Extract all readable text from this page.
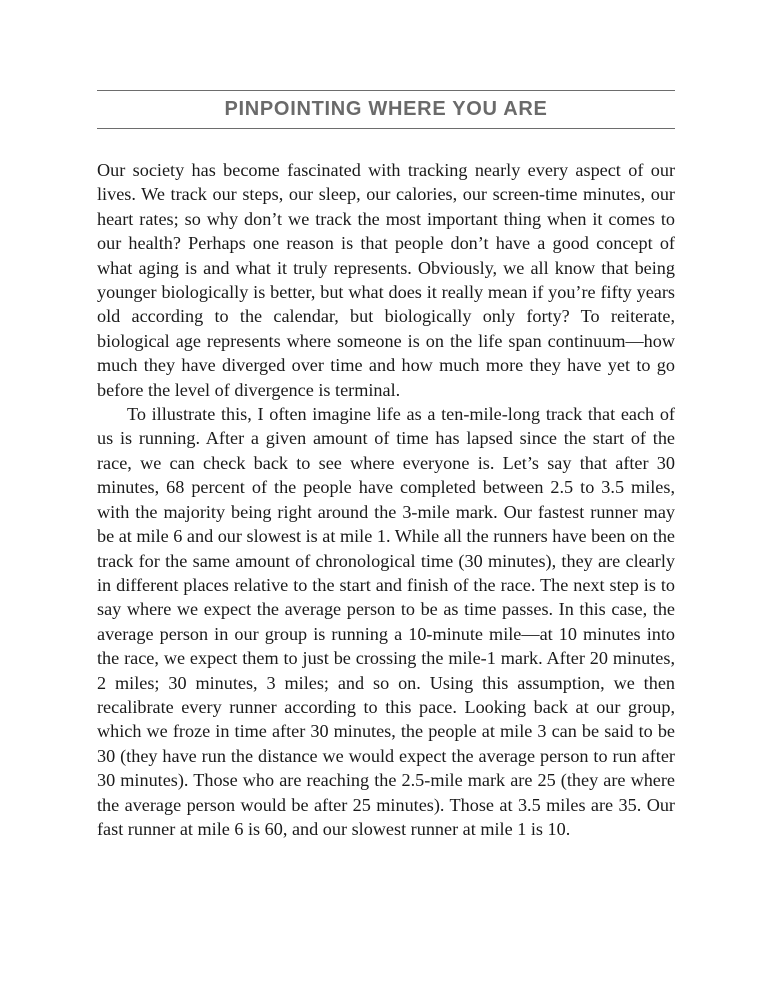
PINPOINTING WHERE YOU ARE

Our society has become fascinated with tracking nearly every aspect of our lives. We track our steps, our sleep, our calories, our screen-time minutes, our heart rates; so why don’t we track the most important thing when it comes to our health? Perhaps one reason is that people don’t have a good concept of what aging is and what it truly represents. Obviously, we all know that being younger biologically is better, but what does it really mean if you’re fifty years old according to the calendar, but biologically only forty? To reiterate, biological age represents where someone is on the life span continuum—how much they have diverged over time and how much more they have yet to go before the level of divergence is terminal.

To illustrate this, I often imagine life as a ten-mile-long track that each of us is running. After a given amount of time has lapsed since the start of the race, we can check back to see where everyone is. Let’s say that after 30 minutes, 68 percent of the people have completed between 2.5 to 3.5 miles, with the majority being right around the 3-mile mark. Our fastest runner may be at mile 6 and our slowest is at mile 1. While all the runners have been on the track for the same amount of chronological time (30 minutes), they are clearly in different places relative to the start and finish of the race. The next step is to say where we expect the average person to be as time passes. In this case, the average person in our group is running a 10-minute mile—at 10 minutes into the race, we expect them to just be crossing the mile-1 mark. After 20 minutes, 2 miles; 30 minutes, 3 miles; and so on. Using this assumption, we then recalibrate every runner according to this pace. Looking back at our group, which we froze in time after 30 minutes, the people at mile 3 can be said to be 30 (they have run the distance we would expect the average person to run after 30 minutes). Those who are reaching the 2.5-mile mark are 25 (they are where the average person would be after 25 minutes). Those at 3.5 miles are 35. Our fast runner at mile 6 is 60, and our slowest runner at mile 1 is 10.
